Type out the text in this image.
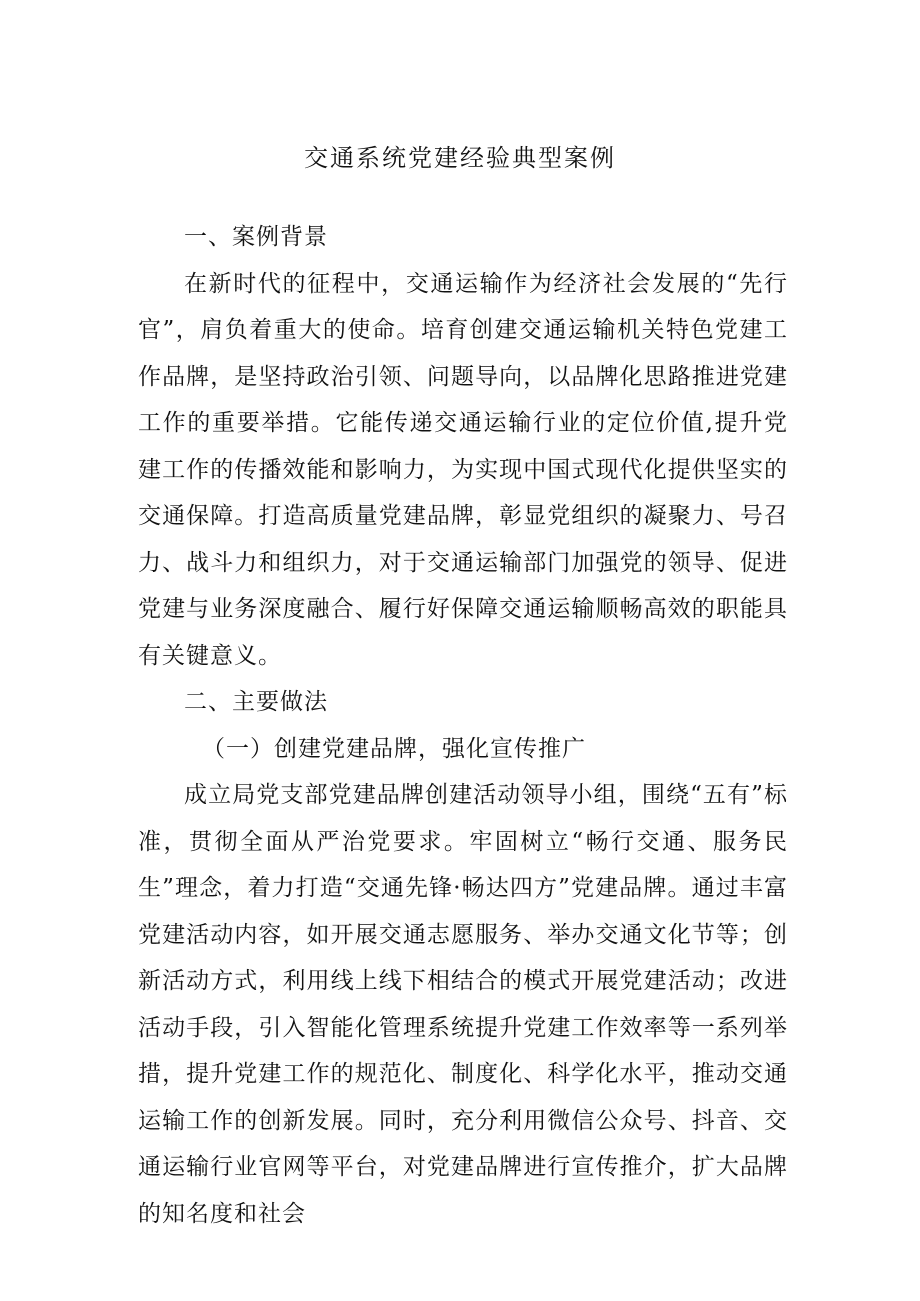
交通系统党建经验典型案例
一、案例背景

在新时代的征程中，交通运输作为经济社会发展的“先行官”，肩负着重大的使命。培育创建交通运输机关特色党建工作品牌，是坚持政治引领、问题导向，以品牌化思路推进党建工作的重要举措。它能传递交通运输行业的定位价值,提升党建工作的传播效能和影响力，为实现中国式现代化提供坚实的交通保障。打造高质量党建品牌，彰显党组织的凝聚力、号召力、战斗力和组织力，对于交通运输部门加强党的领导、促进党建与业务深度融合、履行好保障交通运输顺畅高效的职能具有关键意义。

二、主要做法
（一）创建党建品牌，强化宣传推广

成立局党支部党建品牌创建活动领导小组，围绕“五有”标准，贯彻全面从严治党要求。牢固树立“畅行交通、服务民生”理念，着力打造“交通先锋·畅达四方”党建品牌。通过丰富党建活动内容，如开展交通志愿服务、举办交通文化节等；创新活动方式，利用线上线下相结合的模式开展党建活动；改进活动手段，引入智能化管理系统提升党建工作效率等一系列举措，提升党建工作的规范化、制度化、科学化水平，推动交通运输工作的创新发展。同时，充分利用微信公众号、抖音、交通运输行业官网等平台，对党建品牌进行宣传推介，扩大品牌的知名度和社会
